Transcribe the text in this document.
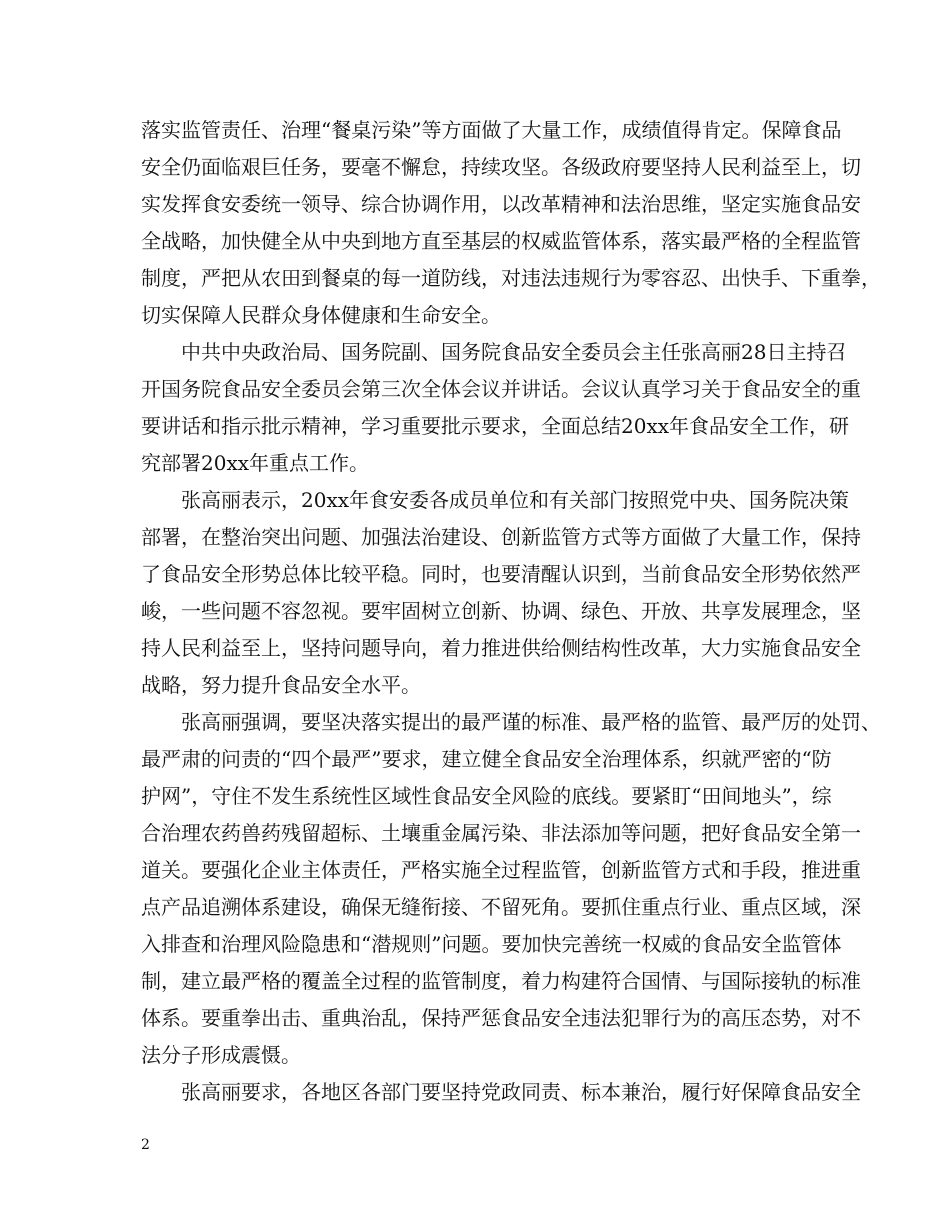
落实监管责任、治理“餐桌污染”等方面做了大量工作，成绩值得肯定。保障食品
安全仍面临艰巨任务，要毫不懈怠，持续攻坚。各级政府要坚持人民利益至上，切
实发挥食安委统一领导、综合协调作用，以改革精神和法治思维，坚定实施食品安
全战略，加快健全从中央到地方直至基层的权威监管体系，落实最严格的全程监管
制度，严把从农田到餐桌的每一道防线，对违法违规行为零容忍、出快手、下重拳，
切实保障人民群众身体健康和生命安全。
中共中央政治局、国务院副、国务院食品安全委员会主任张高丽28日主持召
开国务院食品安全委员会第三次全体会议并讲话。会议认真学习关于食品安全的重
要讲话和指示批示精神，学习重要批示要求，全面总结20xx年食品安全工作，研
究部署20xx年重点工作。
张高丽表示，20xx年食安委各成员单位和有关部门按照党中央、国务院决策
部署，在整治突出问题、加强法治建设、创新监管方式等方面做了大量工作，保持
了食品安全形势总体比较平稳。同时，也要清醒认识到，当前食品安全形势依然严
峻，一些问题不容忽视。要牢固树立创新、协调、绿色、开放、共享发展理念，坚
持人民利益至上，坚持问题导向，着力推进供给侧结构性改革，大力实施食品安全
战略，努力提升食品安全水平。
张高丽强调，要坚决落实提出的最严谨的标准、最严格的监管、最严厉的处罚、
最严肃的问责的“四个最严”要求，建立健全食品安全治理体系，织就严密的“防
护网”，守住不发生系统性区域性食品安全风险的底线。要紧盯“田间地头”，综
合治理农药兽药残留超标、土壤重金属污染、非法添加等问题，把好食品安全第一
道关。要强化企业主体责任，严格实施全过程监管，创新监管方式和手段，推进重
点产品追溯体系建设，确保无缝衔接、不留死角。要抓住重点行业、重点区域，深
入排查和治理风险隐患和“潜规则”问题。要加快完善统一权威的食品安全监管体
制，建立最严格的覆盖全过程的监管制度，着力构建符合国情、与国际接轨的标准
体系。要重拳出击、重典治乱，保持严惩食品安全违法犯罪行为的高压态势，对不
法分子形成震慑。
张高丽要求，各地区各部门要坚持党政同责、标本兼治，履行好保障食品安全
2
